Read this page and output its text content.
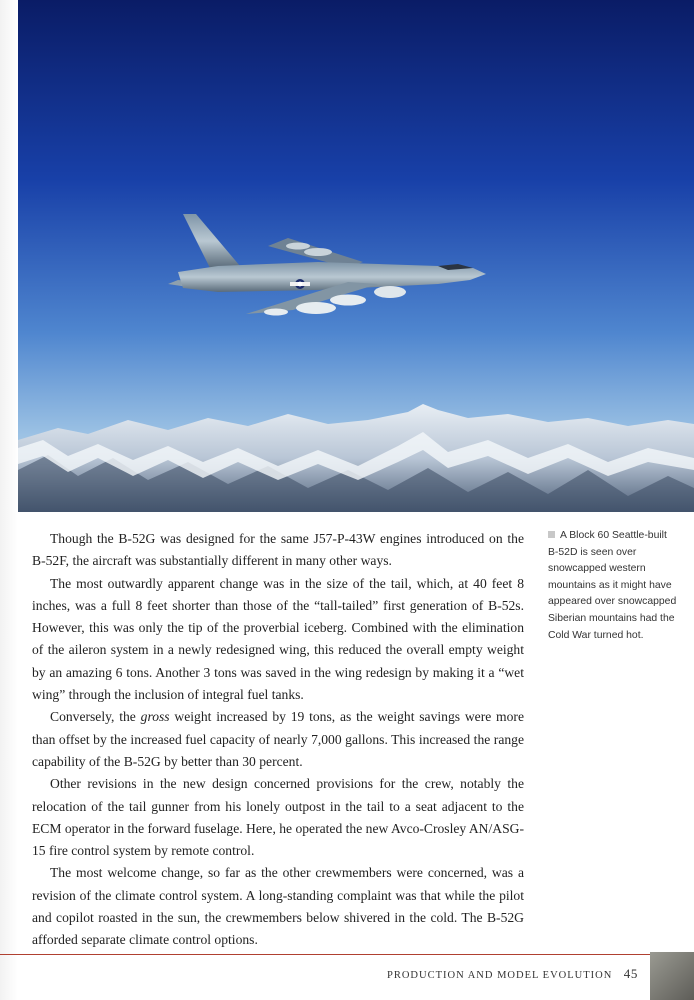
Though the B-52G was designed for the same J57-P-43W engines introduced on the B-52F, the aircraft was substantially different in many other ways.

The most outwardly apparent change was in the size of the tail, which, at 40 feet 8 inches, was a full 8 feet shorter than those of the “tall-tailed” first generation of B-52s. However, this was only the tip of the proverbial iceberg. Combined with the elimination of the aileron system in a newly redesigned wing, this reduced the overall empty weight by an amazing 6 tons. Another 3 tons was saved in the wing redesign by making it a “wet wing” through the inclusion of integral fuel tanks.

Conversely, the gross weight increased by 19 tons, as the weight savings were more than offset by the increased fuel capacity of nearly 7,000 gallons. This increased the range capability of the B-52G by better than 30 percent.

Other revisions in the new design concerned provisions for the crew, notably the relocation of the tail gunner from his lonely outpost in the tail to a seat adjacent to the ECM operator in the forward fuselage. Here, he operated the new Avco-Crosley AN/ASG-15 fire control system by remote control.

The most welcome change, so far as the other crewmembers were concerned, was a revision of the climate control system. A long-standing complaint was that while the pilot and copilot roasted in the sun, the crewmembers below shivered in the cold. The B-52G afforded separate climate control options.

A Block 60 Seattle-built B-52D is seen over snowcapped western mountains as it might have appeared over snowcapped Siberian mountains had the Cold War turned hot.
PRODUCTION AND MODEL EVOLUTION 45
